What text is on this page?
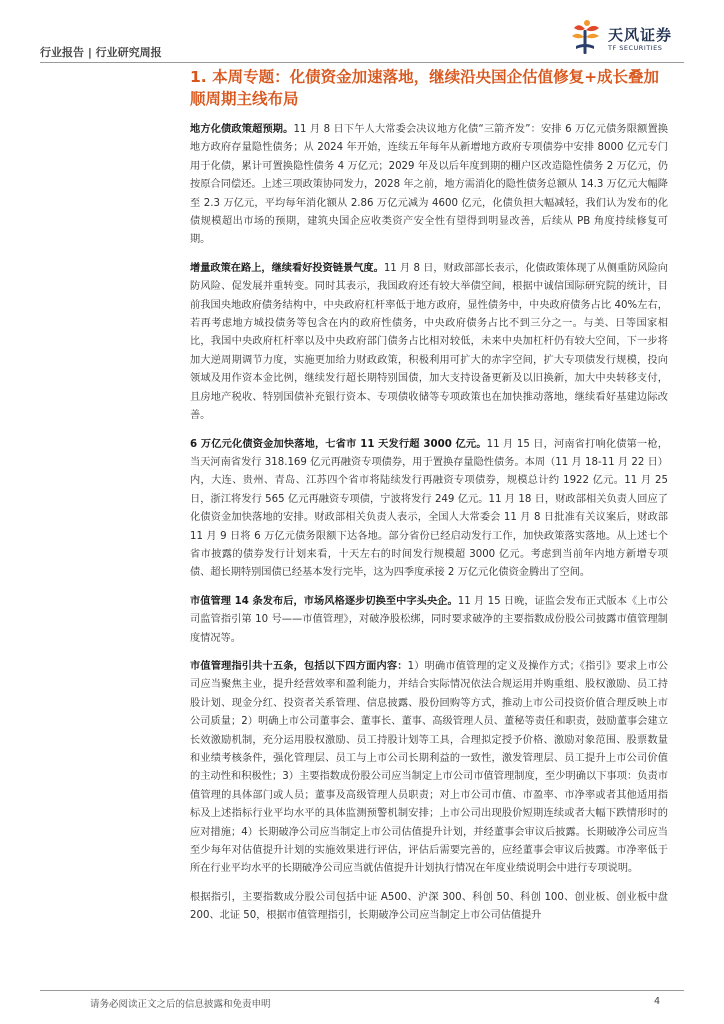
行业报告 | 行业研究周报
天风证券
TF SECURITIES
1. 本周专题：化债资金加速落地，继续沿央国企估值修复+成长叠加顺周期主线布局

地方化债政策超预期。11 月 8 日下午人大常委会决议地方化债“三箭齐发”：安排 6 万亿元债务限额置换地方政府存量隐性债务；从 2024 年开始，连续五年每年从新增地方政府专项债券中安排 8000 亿元专门用于化债，累计可置换隐性债务 4 万亿元；2029 年及以后年度到期的棚户区改造隐性债务 2 万亿元，仍按原合同偿还。上述三项政策协同发力，2028 年之前，地方需消化的隐性债务总额从 14.3 万亿元大幅降至 2.3 万亿元，平均每年消化额从 2.86 万亿元减为 4600 亿元，化债负担大幅减轻，我们认为发布的化债规模超出市场的预期，建筑央国企应收类资产安全性有望得到明显改善，后续从 PB 角度持续修复可期。

增量政策在路上，继续看好投资链景气度。11 月 8 日，财政部部长表示，化债政策体现了从侧重防风险向防风险、促发展并重转变。同时其表示，我国政府还有较大举债空间，根据中诚信国际研究院的统计，目前我国央地政府债务结构中，中央政府杠杆率低于地方政府，显性债务中，中央政府债务占比 40%左右，若再考虑地方城投债务等包含在内的政府性债务，中央政府债务占比不到三分之一。与美、日等国家相比，我国中央政府杠杆率以及中央政府部门债务占比相对较低，未来中央加杠杆仍有较大空间，下一步将加大逆周期调节力度，实施更加给力财政政策，积极利用可扩大的赤字空间，扩大专项债发行规模，投向领域及用作资本金比例，继续发行超长期特别国债，加大支持设备更新及以旧换新，加大中央转移支付，且房地产税收、特别国债补充银行资本、专项债收储等专项政策也在加快推动落地，继续看好基建边际改善。

6 万亿元化债资金加快落地，七省市 11 天发行超 3000 亿元。11 月 15 日，河南省打响化债第一枪，当天河南省发行 318.169 亿元再融资专项债券，用于置换存量隐性债务。本周（11 月 18-11 月 22 日）内，大连、贵州、青岛、江苏四个省市将陆续发行再融资专项债券，规模总计约 1922 亿元。11 月 25 日，浙江将发行 565 亿元再融资专项债，宁波将发行 249 亿元。11 月 18 日，财政部相关负责人回应了化债资金加快落地的安排。财政部相关负责人表示，全国人大常委会 11 月 8 日批准有关议案后，财政部 11 月 9 日将 6 万亿元债务限额下达各地。部分省份已经启动发行工作，加快政策落实落地。从上述七个省市披露的债券发行计划来看，十天左右的时间发行规模超 3000 亿元。考虑到当前年内地方新增专项债、超长期特别国债已经基本发行完毕，这为四季度承接 2 万亿元化债资金腾出了空间。

市值管理 14 条发布后，市场风格逐步切换至中字头央企。11 月 15 日晚，证监会发布正式版本《上市公司监管指引第 10 号——市值管理》，对破净股松绑，同时要求破净的主要指数成份股公司披露市值管理制度情况等。

市值管理指引共十五条，包括以下四方面内容：1）明确市值管理的定义及操作方式；《指引》要求上市公司应当聚焦主业，提升经营效率和盈利能力，并结合实际情况依法合规运用并购重组、股权激励、员工持股计划、现金分红、投资者关系管理、信息披露、股份回购等方式，推动上市公司投资价值合理反映上市公司质量；2）明确上市公司董事会、董事长、董事、高级管理人员、董秘等责任和职责，鼓励董事会建立长效激励机制，充分运用股权激励、员工持股计划等工具，合理拟定授予价格、激励对象范围、股票数量和业绩考核条件，强化管理层、员工与上市公司长期利益的一致性，激发管理层、员工提升上市公司价值的主动性和积极性；3）主要指数成份股公司应当制定上市公司市值管理制度，至少明确以下事项：负责市值管理的具体部门或人员；董事及高级管理人员职责；对上市公司市值、市盈率、市净率或者其他适用指标及上述指标行业平均水平的具体监测预警机制安排；上市公司出现股价短期连续或者大幅下跌情形时的应对措施；4）长期破净公司应当制定上市公司估值提升计划，并经董事会审议后披露。长期破净公司应当至少每年对估值提升计划的实施效果进行评估，评估后需要完善的，应经董事会审议后披露。市净率低于所在行业平均水平的长期破净公司应当就估值提升计划执行情况在年度业绩说明会中进行专项说明。

根据指引，主要指数成分股公司包括中证 A500、沪深 300、科创 50、科创 100、创业板、创业板中盘 200、北证 50，根据市值管理指引，长期破净公司应当制定上市公司估值提升

请务必阅读正文之后的信息披露和免责申明	4
